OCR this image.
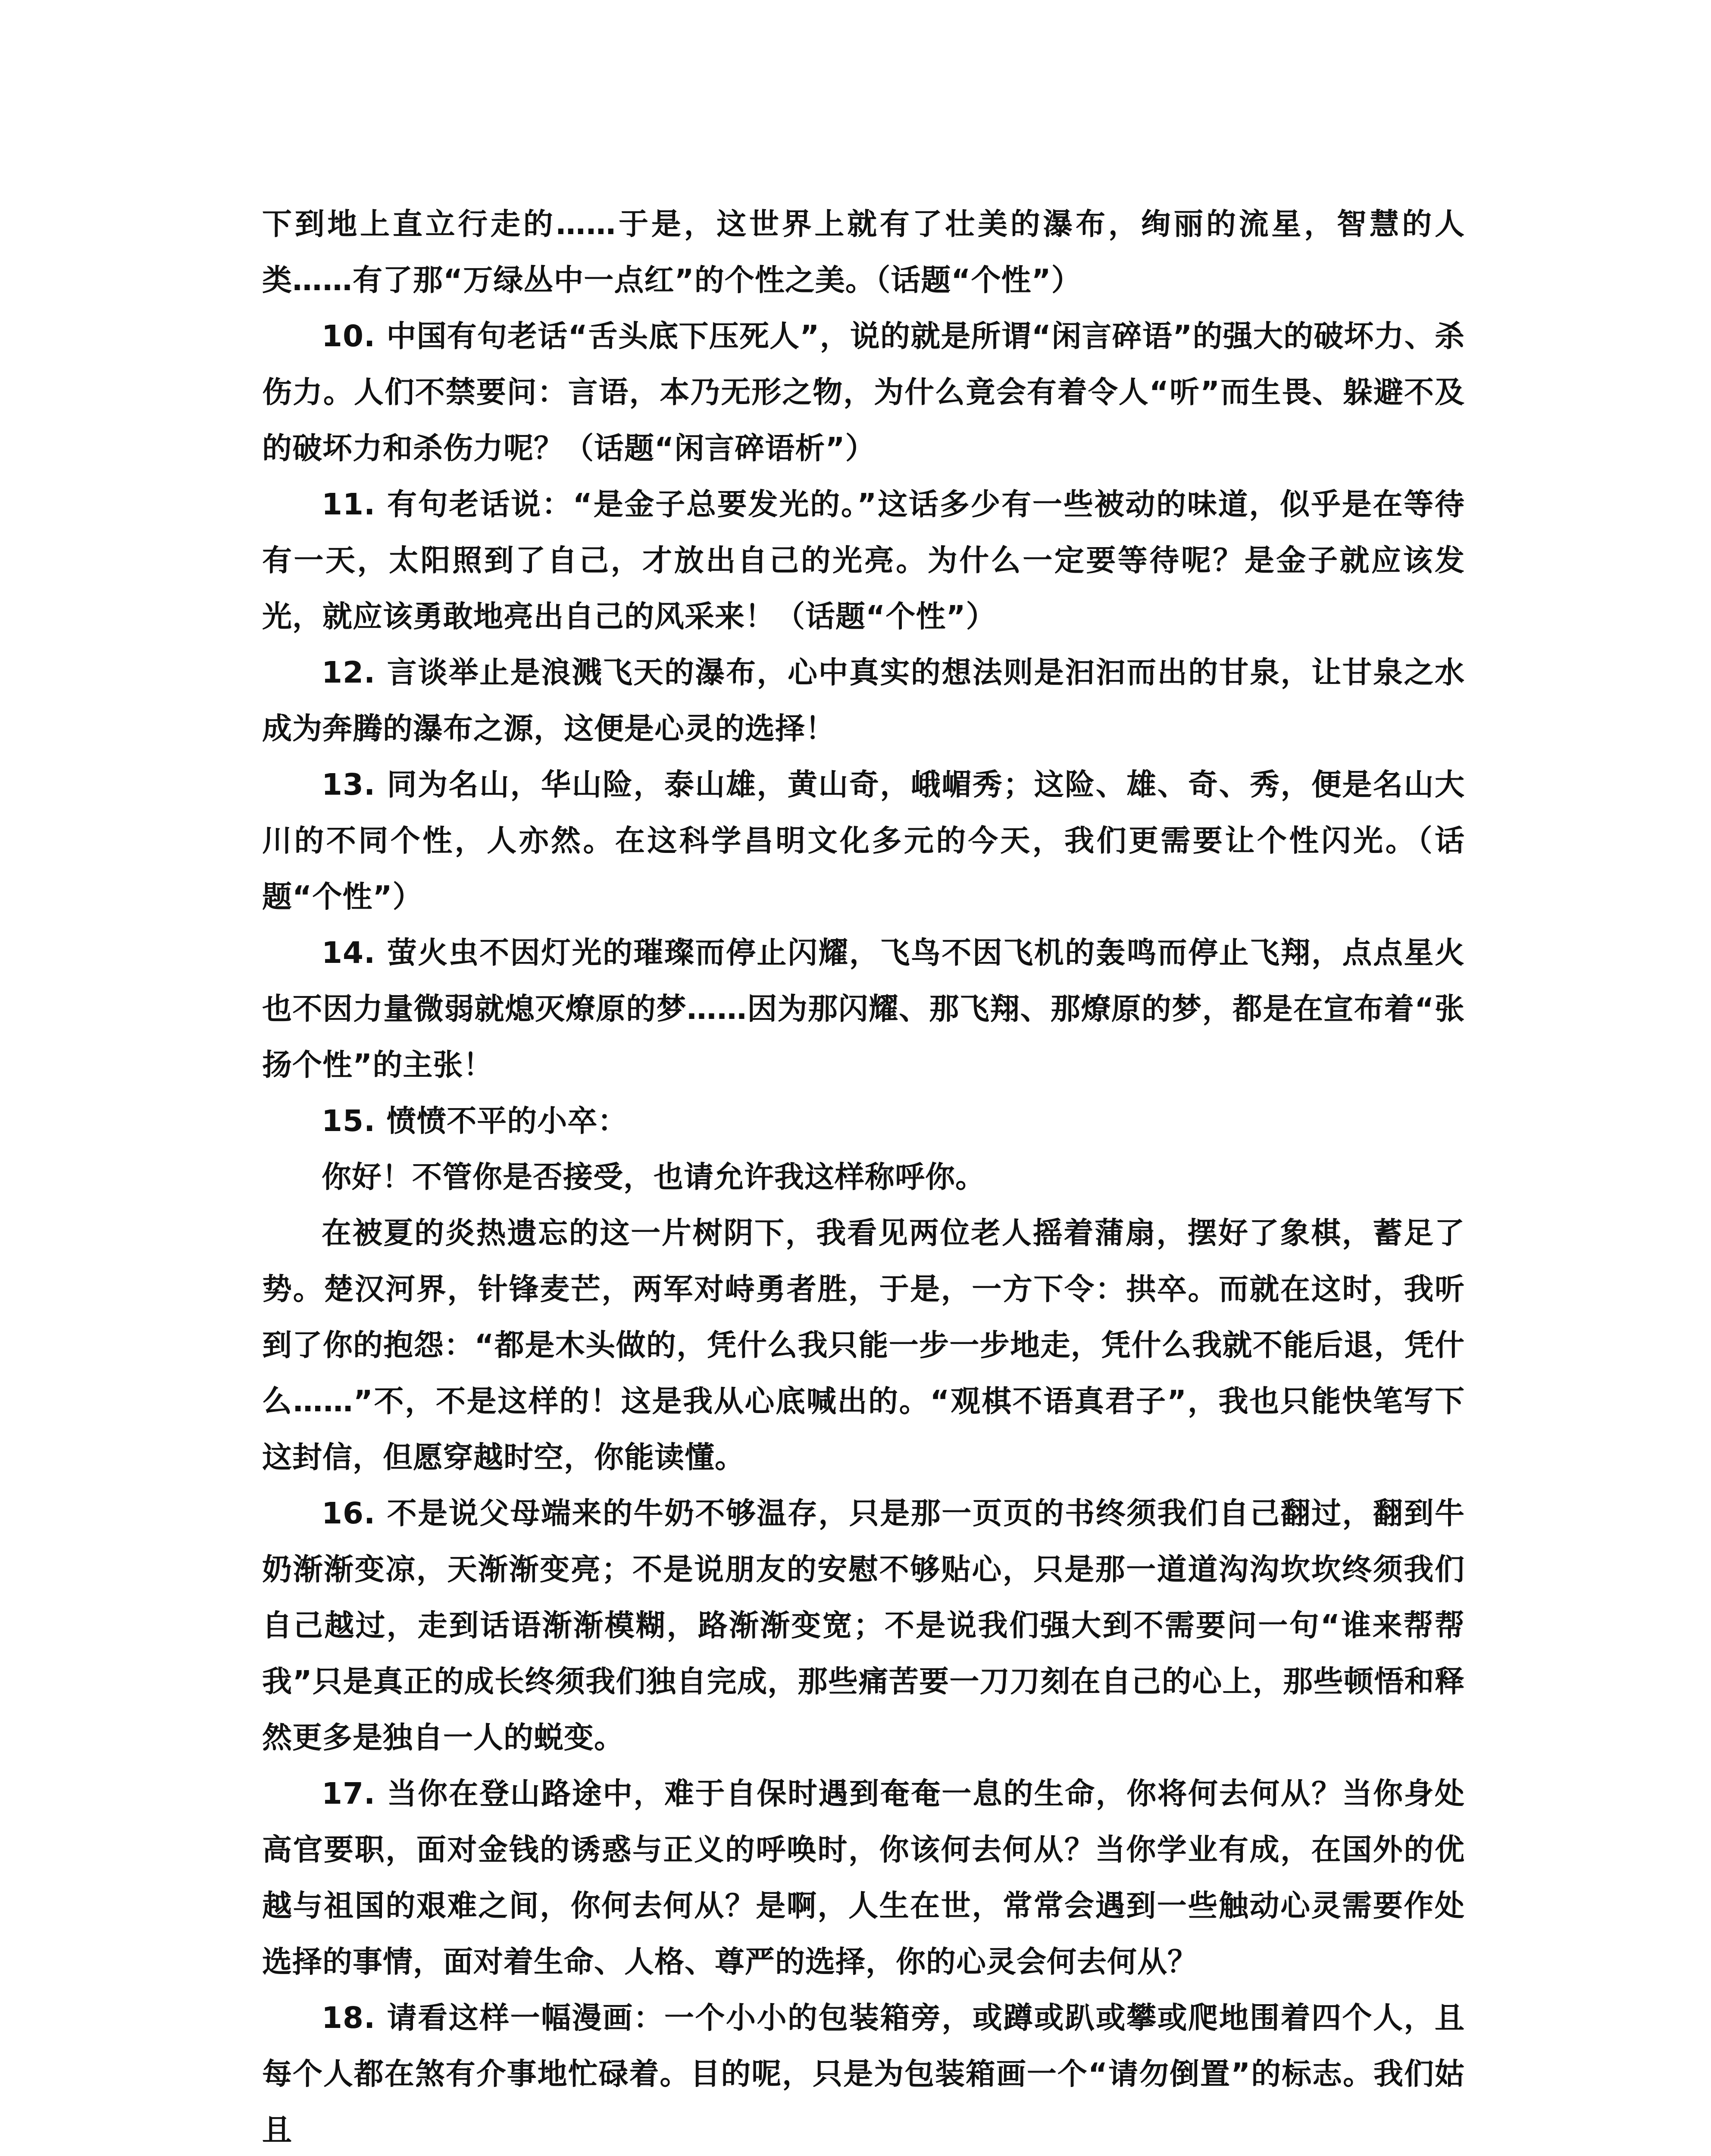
下到地上直立行走的……于是，这世界上就有了壮美的瀑布，绚丽的流星，智慧的人类……有了那“万绿丛中一点红”的个性之美。（话题“个性”）

10. 中国有句老话“舌头底下压死人”，说的就是所谓“闲言碎语”的强大的破坏力、杀伤力。人们不禁要问：言语，本乃无形之物，为什么竟会有着令人“听”而生畏、躲避不及的破坏力和杀伤力呢？（话题“闲言碎语析”）

11. 有句老话说：“是金子总要发光的。”这话多少有一些被动的味道，似乎是在等待有一天，太阳照到了自己，才放出自己的光亮。为什么一定要等待呢？是金子就应该发光，就应该勇敢地亮出自己的风采来！（话题“个性”）

12. 言谈举止是浪溅飞天的瀑布，心中真实的想法则是汩汩而出的甘泉，让甘泉之水成为奔腾的瀑布之源，这便是心灵的选择！

13. 同为名山，华山险，泰山雄，黄山奇，峨嵋秀；这险、雄、奇、秀，便是名山大川的不同个性，人亦然。在这科学昌明文化多元的今天，我们更需要让个性闪光。（话题“个性”）

14. 萤火虫不因灯光的璀璨而停止闪耀，飞鸟不因飞机的轰鸣而停止飞翔，点点星火也不因力量微弱就熄灭燎原的梦……因为那闪耀、那飞翔、那燎原的梦，都是在宣布着“张扬个性”的主张！

15. 愤愤不平的小卒：

你好！不管你是否接受，也请允许我这样称呼你。

在被夏的炎热遗忘的这一片树阴下，我看见两位老人摇着蒲扇，摆好了象棋，蓄足了势。楚汉河界，针锋麦芒，两军对峙勇者胜，于是，一方下令：拱卒。而就在这时，我听到了你的抱怨：“都是木头做的，凭什么我只能一步一步地走，凭什么我就不能后退，凭什么……”不，不是这样的！这是我从心底喊出的。“观棋不语真君子”，我也只能快笔写下这封信，但愿穿越时空，你能读懂。

16. 不是说父母端来的牛奶不够温存，只是那一页页的书终须我们自己翻过，翻到牛奶渐渐变凉，天渐渐变亮；不是说朋友的安慰不够贴心，只是那一道道沟沟坎坎终须我们自己越过，走到话语渐渐模糊，路渐渐变宽；不是说我们强大到不需要问一句“谁来帮帮我”只是真正的成长终须我们独自完成，那些痛苦要一刀刀刻在自己的心上，那些顿悟和释然更多是独自一人的蜕变。

17. 当你在登山路途中，难于自保时遇到奄奄一息的生命，你将何去何从？当你身处高官要职，面对金钱的诱惑与正义的呼唤时，你该何去何从？当你学业有成，在国外的优越与祖国的艰难之间，你何去何从？是啊，人生在世，常常会遇到一些触动心灵需要作处选择的事情，面对着生命、人格、尊严的选择，你的心灵会何去何从？

18. 请看这样一幅漫画：一个小小的包装箱旁，或蹲或趴或攀或爬地围着四个人，且每个人都在煞有介事地忙碌着。目的呢，只是为包装箱画一个“请勿倒置”的标志。我们姑且
